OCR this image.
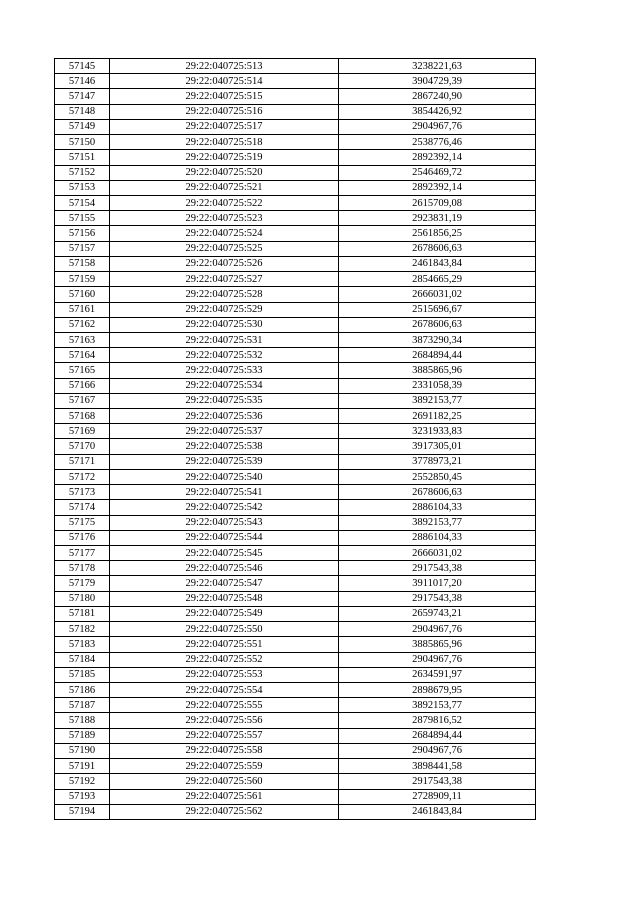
57145	29:22:040725:513	3238221,63
57146	29:22:040725:514	3904729,39
57147	29:22:040725:515	2867240,90
57148	29:22:040725:516	3854426,92
57149	29:22:040725:517	2904967,76
57150	29:22:040725:518	2538776,46
57151	29:22:040725:519	2892392,14
57152	29:22:040725:520	2546469,72
57153	29:22:040725:521	2892392,14
57154	29:22:040725:522	2615709,08
57155	29:22:040725:523	2923831,19
57156	29:22:040725:524	2561856,25
57157	29:22:040725:525	2678606,63
57158	29:22:040725:526	2461843,84
57159	29:22:040725:527	2854665,29
57160	29:22:040725:528	2666031,02
57161	29:22:040725:529	2515696,67
57162	29:22:040725:530	2678606,63
57163	29:22:040725:531	3873290,34
57164	29:22:040725:532	2684894,44
57165	29:22:040725:533	3885865,96
57166	29:22:040725:534	2331058,39
57167	29:22:040725:535	3892153,77
57168	29:22:040725:536	2691182,25
57169	29:22:040725:537	3231933,83
57170	29:22:040725:538	3917305,01
57171	29:22:040725:539	3778973,21
57172	29:22:040725:540	2552850,45
57173	29:22:040725:541	2678606,63
57174	29:22:040725:542	2886104,33
57175	29:22:040725:543	3892153,77
57176	29:22:040725:544	2886104,33
57177	29:22:040725:545	2666031,02
57178	29:22:040725:546	2917543,38
57179	29:22:040725:547	3911017,20
57180	29:22:040725:548	2917543,38
57181	29:22:040725:549	2659743,21
57182	29:22:040725:550	2904967,76
57183	29:22:040725:551	3885865,96
57184	29:22:040725:552	2904967,76
57185	29:22:040725:553	2634591,97
57186	29:22:040725:554	2898679,95
57187	29:22:040725:555	3892153,77
57188	29:22:040725:556	2879816,52
57189	29:22:040725:557	2684894,44
57190	29:22:040725:558	2904967,76
57191	29:22:040725:559	3898441,58
57192	29:22:040725:560	2917543,38
57193	29:22:040725:561	2728909,11
57194	29:22:040725:562	2461843,84
